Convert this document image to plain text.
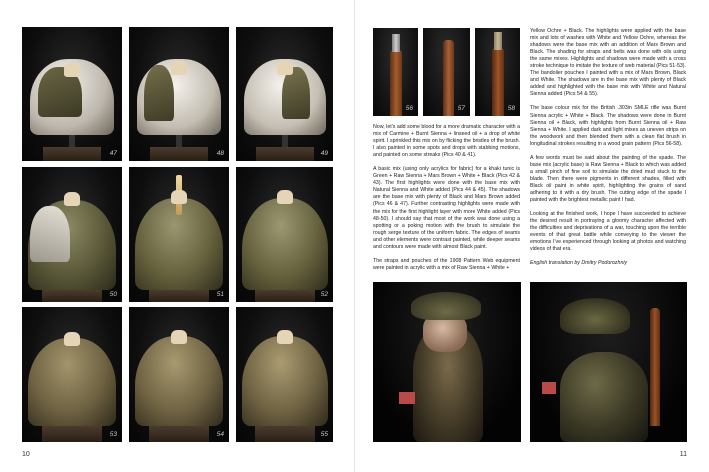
47	48	49
50	51	52
53	54	55
10
56	57	58

Now, let's add some blood for a more dramatic character with a mix of Carmine + Burnt Sienna + linseed oil + a drop of white spirit. I sprinkled this mix on by flicking the bristles of the brush. I also painted in some spots and drops with stabbing motions, and painted on some streaks (Pics 40 & 41).

A basic mix (using only acrylics for fabric) for a khaki tunic is Green + Raw Sienna + Mars Brown + White + Black (Pics 42 & 43). The first highlights were done with the base mix with Natural Sienna and White added (Pics 44 & 45). The shadows are the base mix with plenty of Black and Mars Brown added (Pics 46 & 47). Further contrasting highlights were made with the mix for the first highlight layer with more White added (Pics 48-50). I should say that most of the work was done using a spotting or a poking motion with the brush to simulate the rough serge texture of the uniform fabric. The edges of seams and other elements were contrast painted, while deeper seams and contours were made with almost Black paint.

The straps and pouches of the 1908 Pattern Web equipment were painted in acrylic with a mix of Raw Sienna + White +

Yellow Ochre + Black. The highlights were applied with the base mix and lots of washes with White and Yellow Ochre, whereas the shadows were the base mix with an addition of Mars Brown and Black. The shading for straps and belts was done with oils using the same mixes. Highlights and shadows were made with a cross stroke technique to imitate the texture of web material (Pics 51-53). The bandolier pouches I painted with a mix of Mars Brown, Black and White. The shadows are in the base mix with plenty of Black added and highlighted with the base mix with White and Natural Sienna added (Pics 54 & 55).

The base colour mix for the British .303in SMLE rifle was Burnt Sienna acrylic + White + Black. The shadows were done in Burnt Sienna oil + Black, with highlights from Burnt Sienna oil + Raw Sienna + White. I applied dark and light mixes as uneven strips on the woodwork and then blended them with a clean flat brush in longitudinal strokes resulting in a wood grain pattern (Pics 56-58).

A few words must be said about the painting of the spade. The base mix (acrylic base) is Raw Sienna + Black to which was added a small pinch of fine soil to simulate the dried mud stuck to the blade. Then there were pigments in different shades, filled with Black oil paint in white spirit, highlighting the grains of sand adhering to it with a dry brush. The cutting edge of the spade I painted with the brightest metallic paint I had.

Looking at the finished work, I hope I have succeeded to achieve the desired result in portraying a gloomy character affected with the difficulties and deprivations of a war, touching upon the terrible events of that great battle while conveying to the viewer the emotions I've experienced through looking at photos and watching videos of that era.

English translation by Dmitry Podorozhniy

11
